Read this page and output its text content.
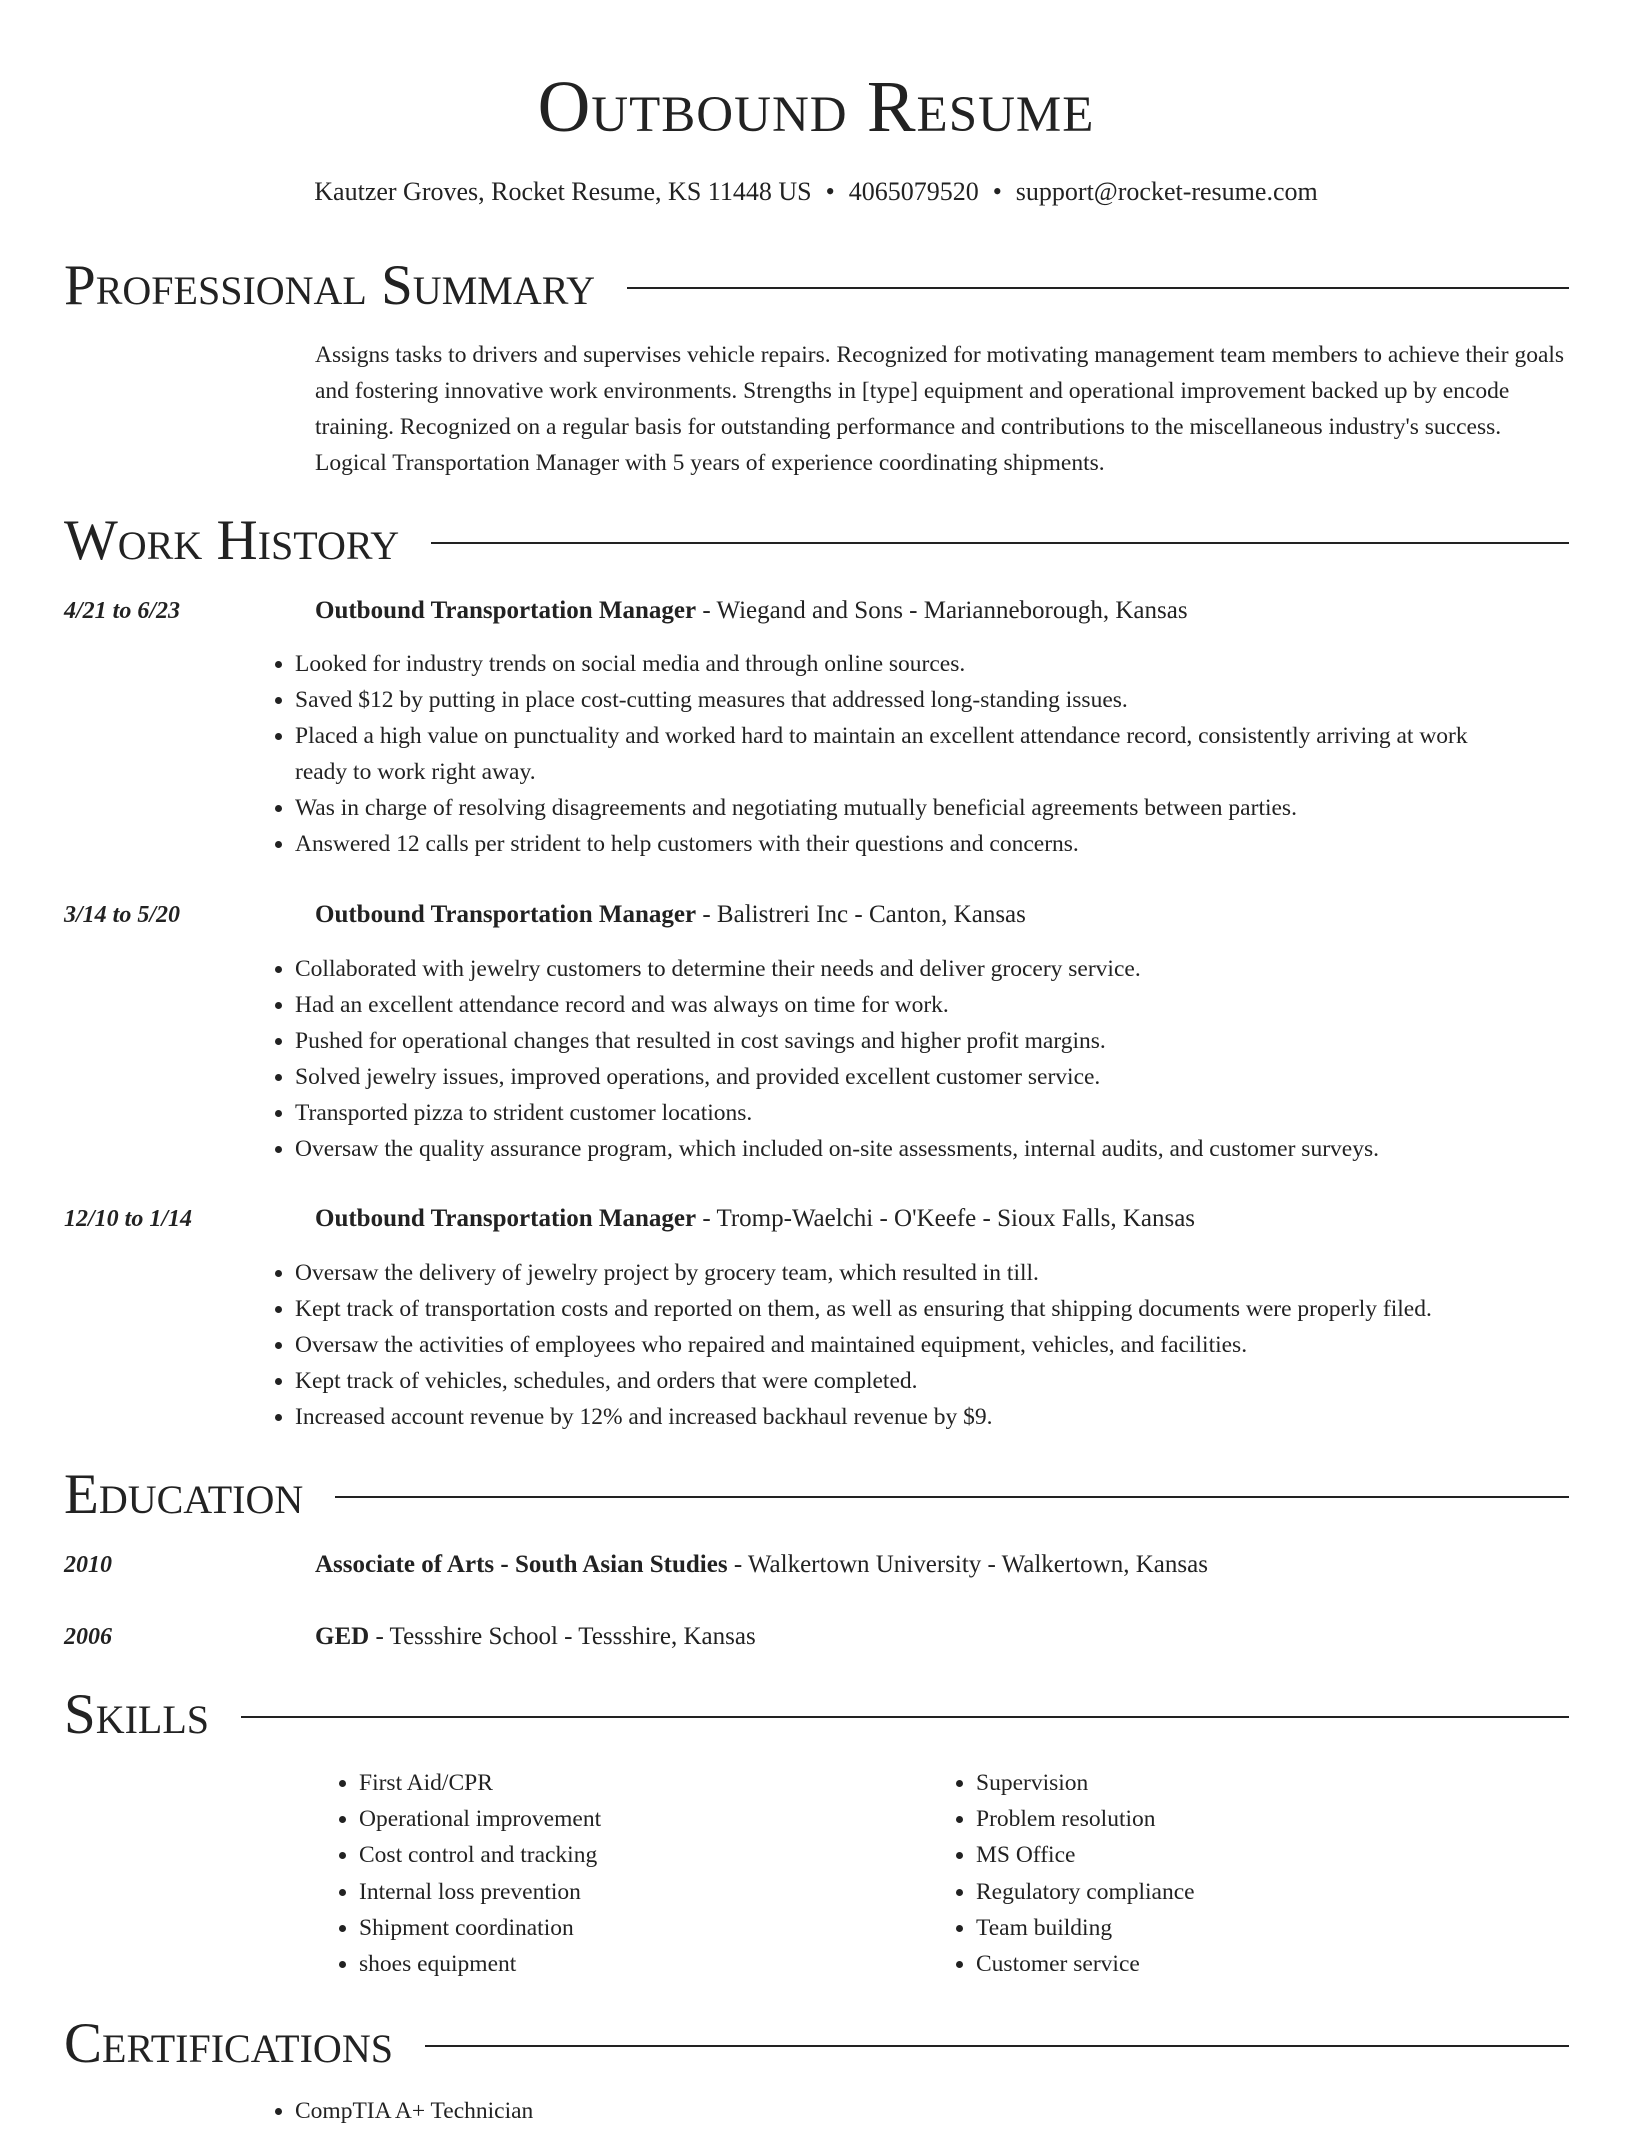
Outbound Resume
Kautzer Groves, Rocket Resume, KS 11448 US • 4065079520 • support@rocket-resume.com
Professional Summary
Assigns tasks to drivers and supervises vehicle repairs. Recognized for motivating management team members to achieve their goals and fostering innovative work environments. Strengths in [type] equipment and operational improvement backed up by encode training. Recognized on a regular basis for outstanding performance and contributions to the miscellaneous industry's success. Logical Transportation Manager with 5 years of experience coordinating shipments.
Work History
4/21 to 6/23	Outbound Transportation Manager - Wiegand and Sons - Marianneborough, Kansas
• Looked for industry trends on social media and through online sources.
• Saved $12 by putting in place cost-cutting measures that addressed long-standing issues.
• Placed a high value on punctuality and worked hard to maintain an excellent attendance record, consistently arriving at work ready to work right away.
• Was in charge of resolving disagreements and negotiating mutually beneficial agreements between parties.
• Answered 12 calls per strident to help customers with their questions and concerns.
3/14 to 5/20	Outbound Transportation Manager - Balistreri Inc - Canton, Kansas
• Collaborated with jewelry customers to determine their needs and deliver grocery service.
• Had an excellent attendance record and was always on time for work.
• Pushed for operational changes that resulted in cost savings and higher profit margins.
• Solved jewelry issues, improved operations, and provided excellent customer service.
• Transported pizza to strident customer locations.
• Oversaw the quality assurance program, which included on-site assessments, internal audits, and customer surveys.
12/10 to 1/14	Outbound Transportation Manager - Tromp-Waelchi - O'Keefe - Sioux Falls, Kansas
• Oversaw the delivery of jewelry project by grocery team, which resulted in till.
• Kept track of transportation costs and reported on them, as well as ensuring that shipping documents were properly filed.
• Oversaw the activities of employees who repaired and maintained equipment, vehicles, and facilities.
• Kept track of vehicles, schedules, and orders that were completed.
• Increased account revenue by 12% and increased backhaul revenue by $9.
Education
2010	Associate of Arts - South Asian Studies - Walkertown University - Walkertown, Kansas
2006	GED - Tessshire School - Tessshire, Kansas
Skills
• First Aid/CPR
• Operational improvement
• Cost control and tracking
• Internal loss prevention
• Shipment coordination
• shoes equipment
• Supervision
• Problem resolution
• MS Office
• Regulatory compliance
• Team building
• Customer service
Certifications
• CompTIA A+ Technician
